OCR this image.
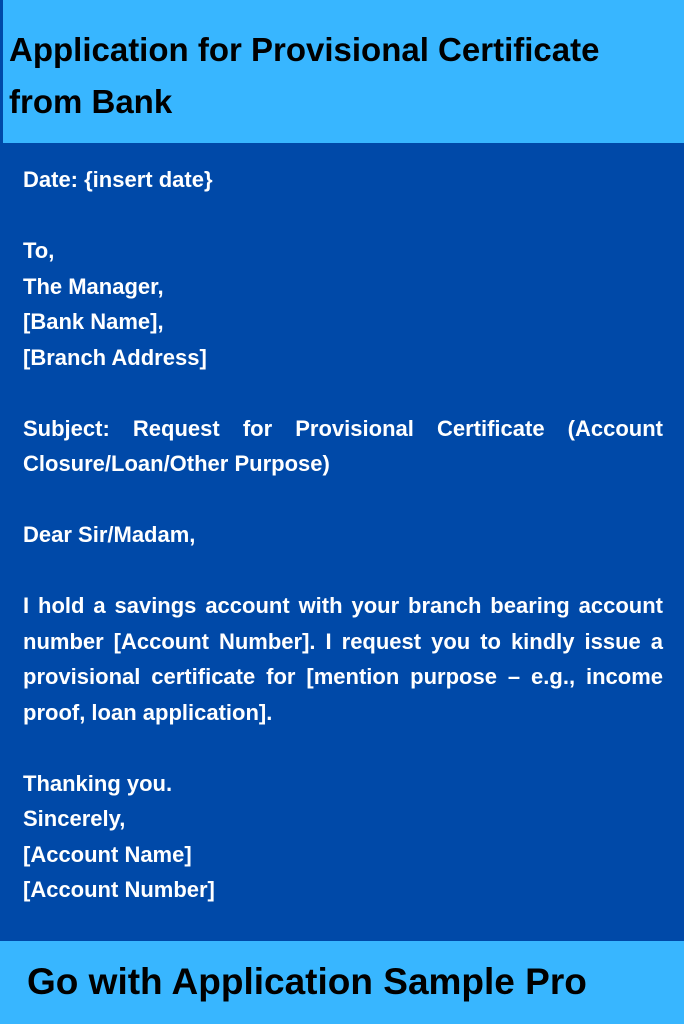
Application for Provisional Certificate from Bank

Date: {insert date}

To,

The Manager,

[Bank Name],

[Branch Address]

Subject: Request for Provisional Certificate (Account Closure/Loan/Other Purpose)

Dear Sir/Madam,

I hold a savings account with your branch bearing account number [Account Number]. I request you to kindly issue a provisional certificate for [mention purpose – e.g., income proof, loan application].

Thanking you.

Sincerely,

[Account Name]

[Account Number]

Go with Application Sample Pro
